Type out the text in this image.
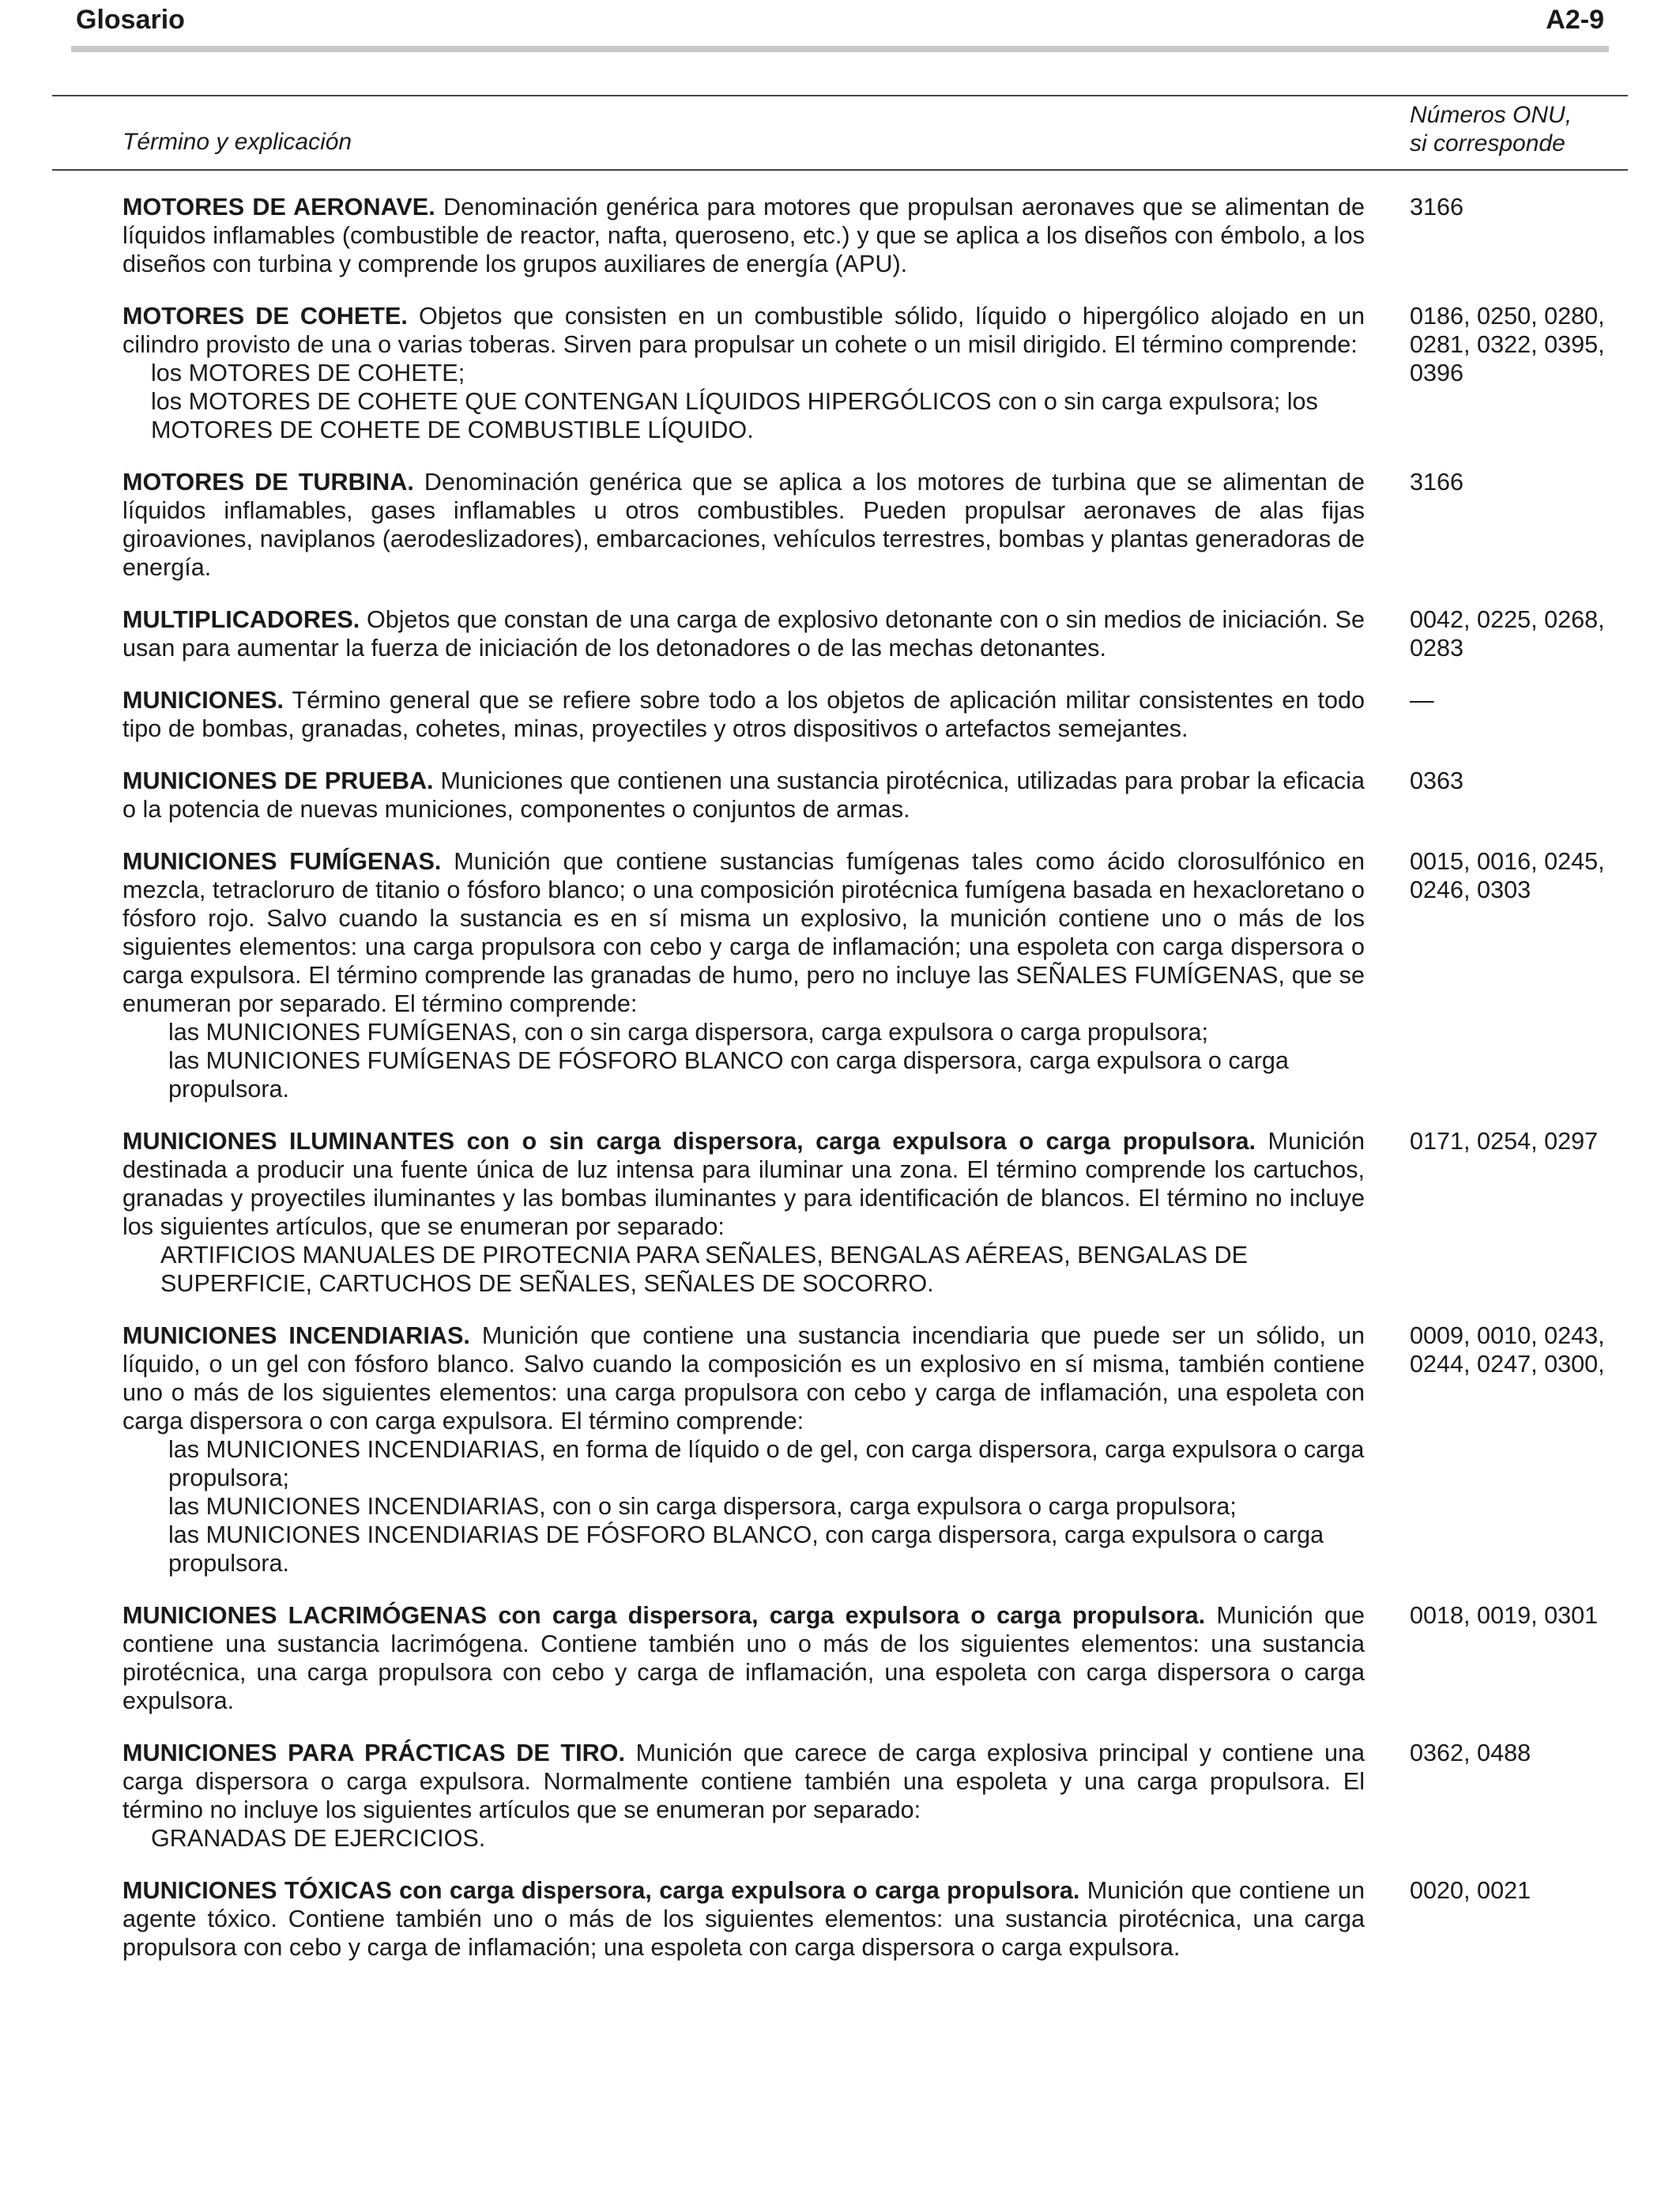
Glosario	A2-9
Término y explicación
Números ONU,
si corresponde
MOTORES DE AERONAVE. Denominación genérica para motores que propulsan aeronaves que se alimentan de líquidos inflamables (combustible de reactor, nafta, queroseno, etc.) y que se aplica a los diseños con émbolo, a los diseños con turbina y comprende los grupos auxiliares de energía (APU).
3166
MOTORES DE COHETE. Objetos que consisten en un combustible sólido, líquido o hipergólico alojado en un cilindro provisto de una o varias toberas. Sirven para propulsar un cohete o un misil dirigido. El término comprende:
los MOTORES DE COHETE;
los MOTORES DE COHETE QUE CONTENGAN LÍQUIDOS HIPERGÓLICOS con o sin carga expulsora; los MOTORES DE COHETE DE COMBUSTIBLE LÍQUIDO.
0186, 0250, 0280, 0281, 0322, 0395, 0396
MOTORES DE TURBINA. Denominación genérica que se aplica a los motores de turbina que se alimentan de líquidos inflamables, gases inflamables u otros combustibles. Pueden propulsar aeronaves de alas fijas giroaviones, naviplanos (aerodeslizadores), embarcaciones, vehículos terrestres, bombas y plantas generadoras de energía.
3166
MULTIPLICADORES. Objetos que constan de una carga de explosivo detonante con o sin medios de iniciación. Se usan para aumentar la fuerza de iniciación de los detonadores o de las mechas detonantes.
0042, 0225, 0268, 0283
MUNICIONES. Término general que se refiere sobre todo a los objetos de aplicación militar consistentes en todo tipo de bombas, granadas, cohetes, minas, proyectiles y otros dispositivos o artefactos semejantes.
—
MUNICIONES DE PRUEBA. Municiones que contienen una sustancia pirotécnica, utilizadas para probar la eficacia o la potencia de nuevas municiones, componentes o conjuntos de armas.
0363
MUNICIONES FUMÍGENAS. Munición que contiene sustancias fumígenas tales como ácido clorosulfónico en mezcla, tetracloruro de titanio o fósforo blanco; o una composición pirotécnica fumígena basada en hexacloretano o fósforo rojo. Salvo cuando la sustancia es en sí misma un explosivo, la munición contiene uno o más de los siguientes elementos: una carga propulsora con cebo y carga de inflamación; una espoleta con carga dispersora o carga expulsora. El término comprende las granadas de humo, pero no incluye las SEÑALES FUMÍGENAS, que se enumeran por separado. El término comprende:
las MUNICIONES FUMÍGENAS, con o sin carga dispersora, carga expulsora o carga propulsora;
las MUNICIONES FUMÍGENAS DE FÓSFORO BLANCO con carga dispersora, carga expulsora o carga propulsora.
0015, 0016, 0245, 0246, 0303
MUNICIONES ILUMINANTES con o sin carga dispersora, carga expulsora o carga propulsora. Munición destinada a producir una fuente única de luz intensa para iluminar una zona. El término comprende los cartuchos, granadas y proyectiles iluminantes y las bombas iluminantes y para identificación de blancos. El término no incluye los siguientes artículos, que se enumeran por separado:
ARTIFICIOS MANUALES DE PIROTECNIA PARA SEÑALES, BENGALAS AÉREAS, BENGALAS DE SUPERFICIE, CARTUCHOS DE SEÑALES, SEÑALES DE SOCORRO.
0171, 0254, 0297
MUNICIONES INCENDIARIAS. Munición que contiene una sustancia incendiaria que puede ser un sólido, un líquido, o un gel con fósforo blanco. Salvo cuando la composición es un explosivo en sí misma, también contiene uno o más de los siguientes elementos: una carga propulsora con cebo y carga de inflamación, una espoleta con carga dispersora o con carga expulsora. El término comprende:
las MUNICIONES INCENDIARIAS, en forma de líquido o de gel, con carga dispersora, carga expulsora o carga propulsora;
las MUNICIONES INCENDIARIAS, con o sin carga dispersora, carga expulsora o carga propulsora;
las MUNICIONES INCENDIARIAS DE FÓSFORO BLANCO, con carga dispersora, carga expulsora o carga propulsora.
0009, 0010, 0243, 0244, 0247, 0300,
MUNICIONES LACRIMÓGENAS con carga dispersora, carga expulsora o carga propulsora. Munición que contiene una sustancia lacrimógena. Contiene también uno o más de los siguientes elementos: una sustancia pirotécnica, una carga propulsora con cebo y carga de inflamación, una espoleta con carga dispersora o carga expulsora.
0018, 0019, 0301
MUNICIONES PARA PRÁCTICAS DE TIRO. Munición que carece de carga explosiva principal y contiene una carga dispersora o carga expulsora. Normalmente contiene también una espoleta y una carga propulsora. El término no incluye los siguientes artículos que se enumeran por separado:
GRANADAS DE EJERCICIOS.
0362, 0488
MUNICIONES TÓXICAS con carga dispersora, carga expulsora o carga propulsora. Munición que contiene un agente tóxico. Contiene también uno o más de los siguientes elementos: una sustancia pirotécnica, una carga propulsora con cebo y carga de inflamación; una espoleta con carga dispersora o carga expulsora.
0020, 0021
